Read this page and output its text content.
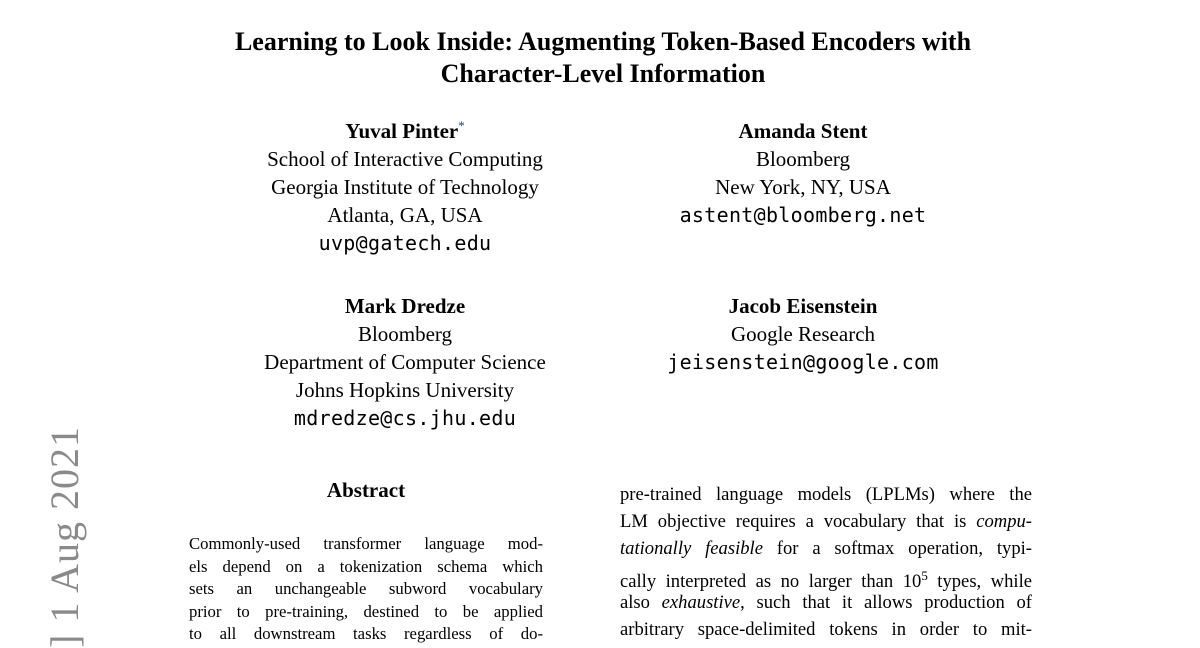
Learning to Look Inside: Augmenting Token-Based Encoders with
Character-Level Information
Yuval Pinter*
School of Interactive Computing
Georgia Institute of Technology
Atlanta, GA, USA
uvp@gatech.edu
Amanda Stent
Bloomberg
New York, NY, USA
astent@bloomberg.net
Mark Dredze
Bloomberg
Department of Computer Science
Johns Hopkins University
mdredze@cs.jhu.edu
Jacob Eisenstein
Google Research
jeisenstein@google.com
Abstract
Commonly-used transformer language mod-
els depend on a tokenization schema which
sets an unchangeable subword vocabulary
prior to pre-training, destined to be applied
to all downstream tasks regardless of do-
pre-trained language models (LPLMs) where the
LM objective requires a vocabulary that is compu-
tationally feasible for a softmax operation, typi-
cally interpreted as no larger than $10^5$ types, while
also exhaustive, such that it allows production of
arbitrary space-delimited tokens in order to mit-
] 1 Aug 2021
